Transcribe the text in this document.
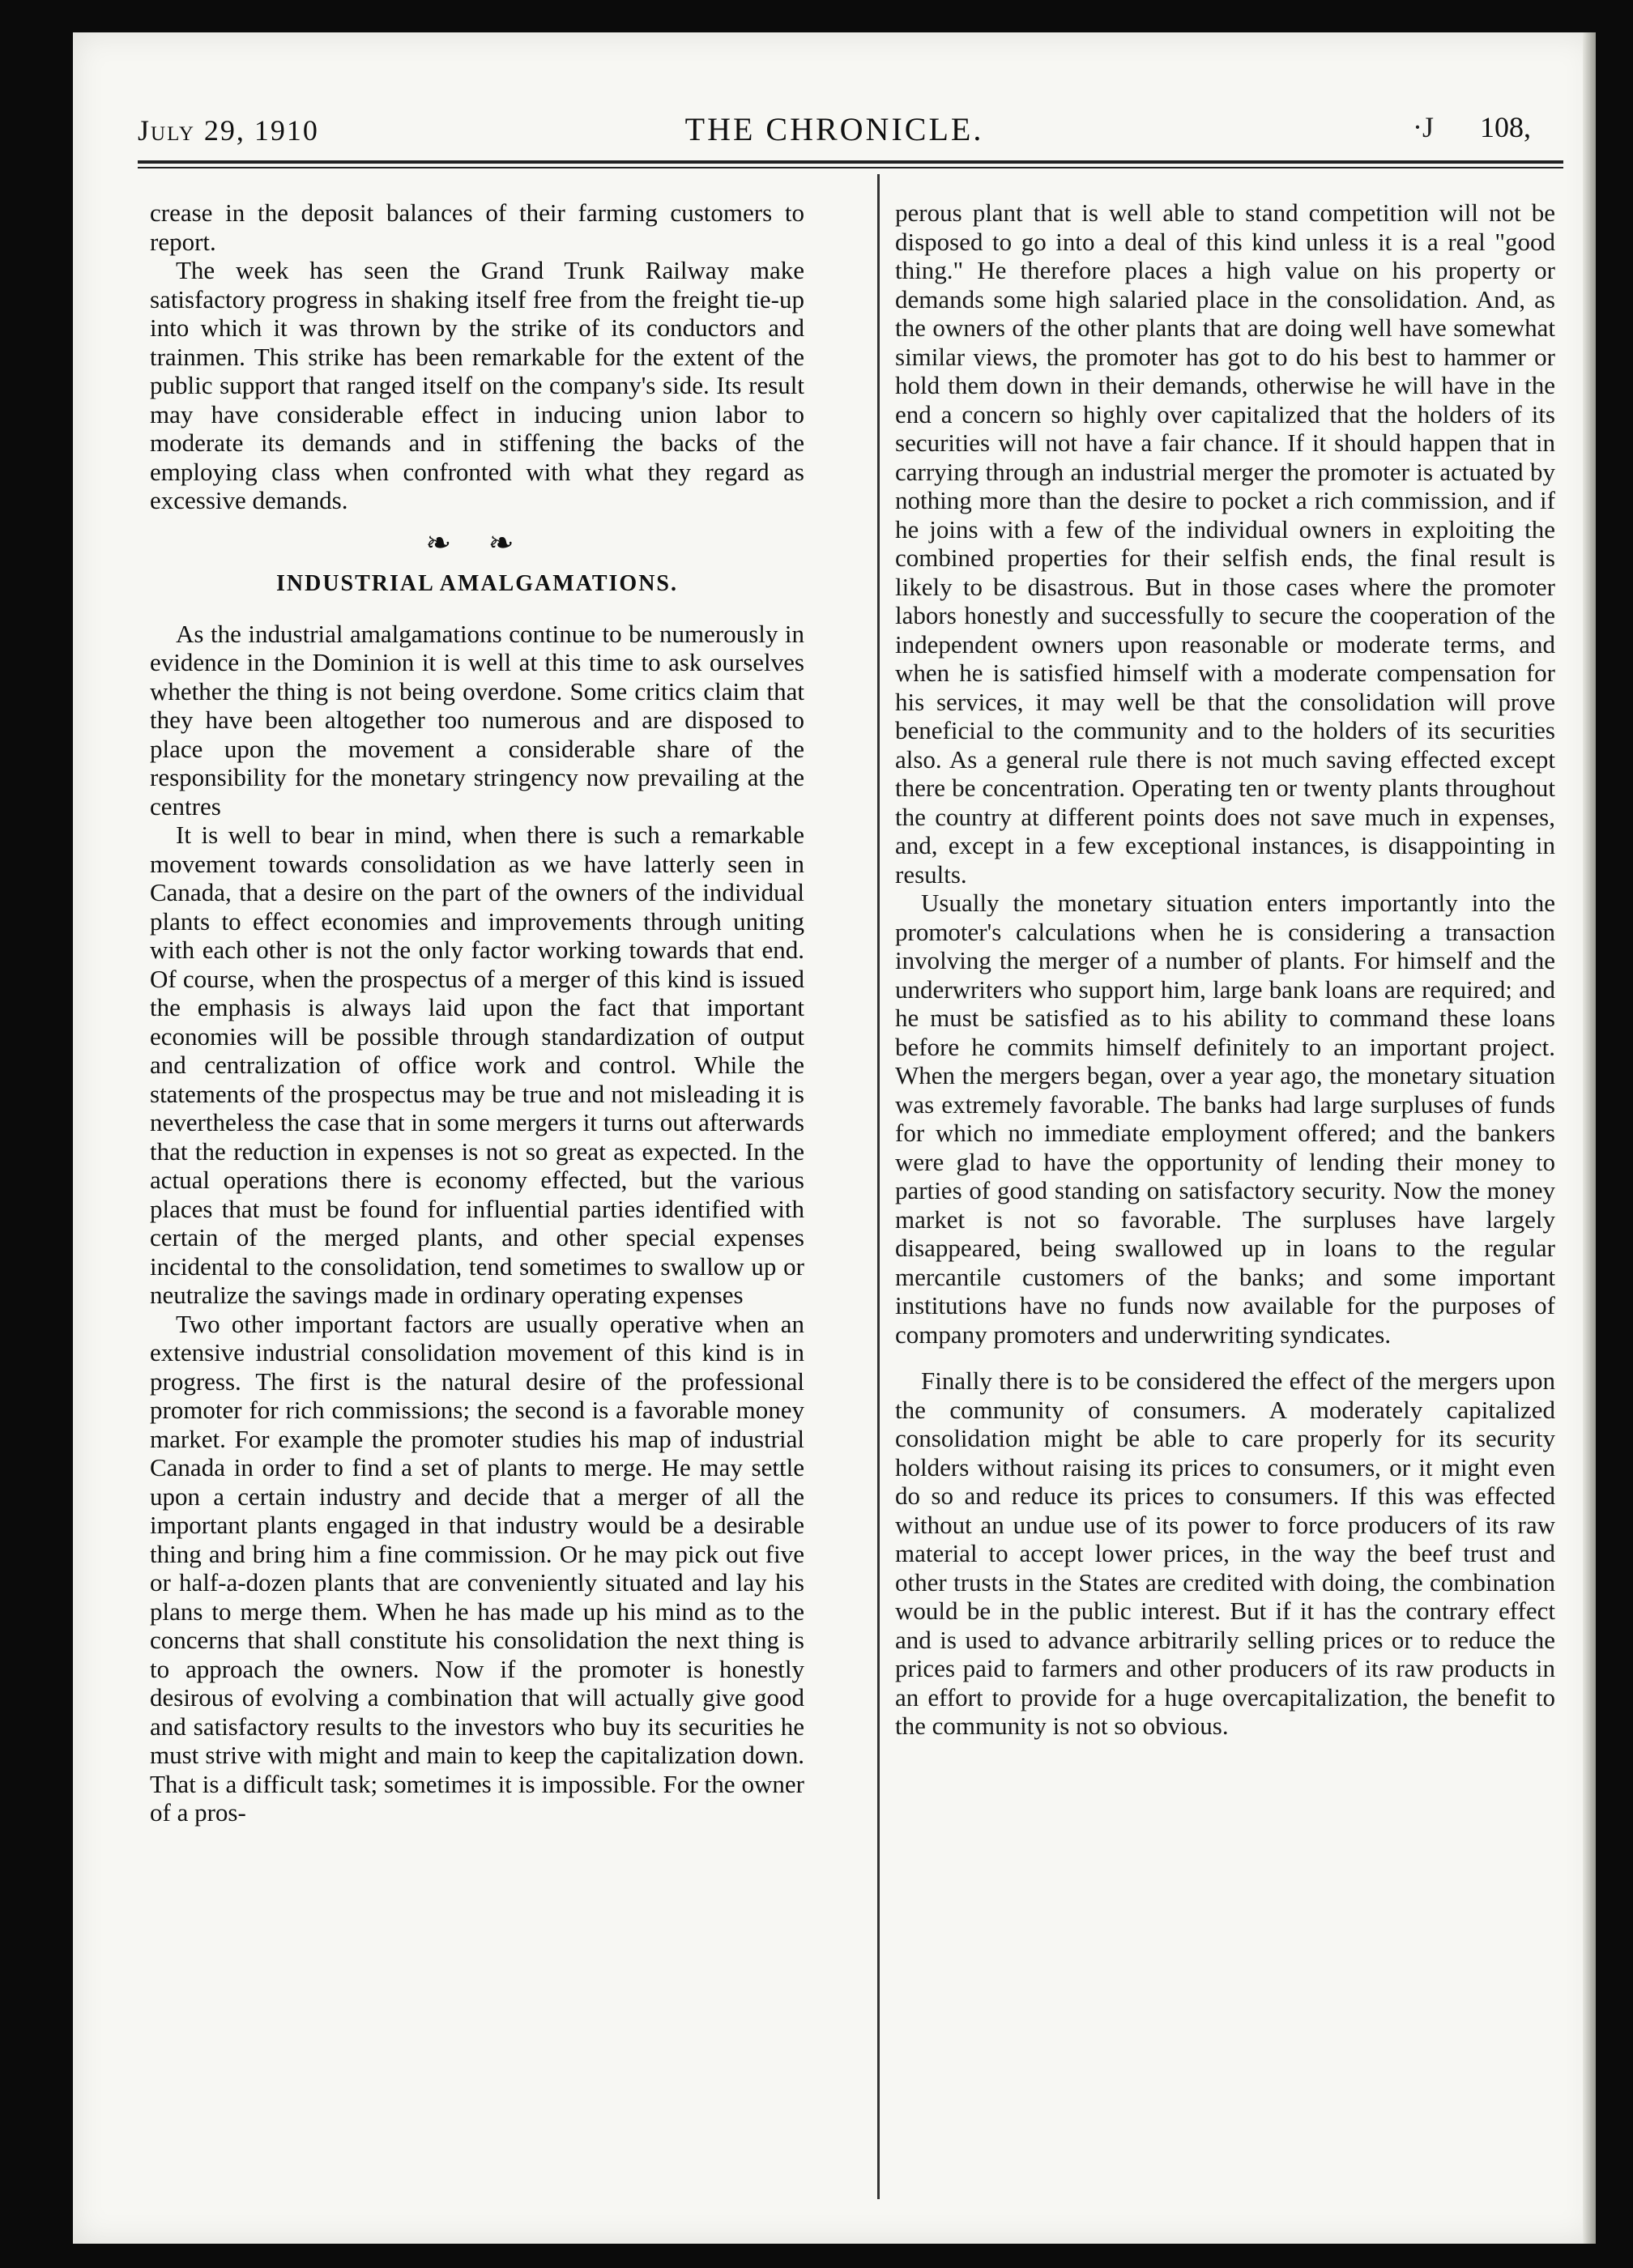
July 29, 1910	THE CHRONICLE.	·J 108,

crease in the deposit balances of their farming customers to report.

The week has seen the Grand Trunk Railway make satisfactory progress in shaking itself free from the freight tie-up into which it was thrown by the strike of its conductors and trainmen. This strike has been remarkable for the extent of the public support that ranged itself on the company's side. Its result may have considerable effect in inducing union labor to moderate its demands and in stiffening the backs of the employing class when confronted with what they regard as excessive demands.

❧ ❧
INDUSTRIAL AMALGAMATIONS.

As the industrial amalgamations continue to be numerously in evidence in the Dominion it is well at this time to ask ourselves whether the thing is not being overdone. Some critics claim that they have been altogether too numerous and are disposed to place upon the movement a considerable share of the responsibility for the monetary stringency now prevailing at the centres

It is well to bear in mind, when there is such a remarkable movement towards consolidation as we have latterly seen in Canada, that a desire on the part of the owners of the individual plants to effect economies and improvements through uniting with each other is not the only factor working towards that end. Of course, when the prospectus of a merger of this kind is issued the emphasis is always laid upon the fact that important economies will be possible through standardization of output and centralization of office work and control. While the statements of the prospectus may be true and not misleading it is nevertheless the case that in some mergers it turns out afterwards that the reduction in expenses is not so great as expected. In the actual operations there is economy effected, but the various places that must be found for influential parties identified with certain of the merged plants, and other special expenses incidental to the consolidation, tend sometimes to swallow up or neutralize the savings made in ordinary operating expenses

Two other important factors are usually operative when an extensive industrial consolidation movement of this kind is in progress. The first is the natural desire of the professional promoter for rich commissions; the second is a favorable money market. For example the promoter studies his map of industrial Canada in order to find a set of plants to merge. He may settle upon a certain industry and decide that a merger of all the important plants engaged in that industry would be a desirable thing and bring him a fine commission. Or he may pick out five or half-a-dozen plants that are conveniently situated and lay his plans to merge them. When he has made up his mind as to the concerns that shall constitute his consolidation the next thing is to approach the owners. Now if the promoter is honestly desirous of evolving a combination that will actually give good and satisfactory results to the investors who buy its securities he must strive with might and main to keep the capitalization down. That is a difficult task; sometimes it is impossible. For the owner of a pros-

perous plant that is well able to stand competition will not be disposed to go into a deal of this kind unless it is a real "good thing." He therefore places a high value on his property or demands some high salaried place in the consolidation. And, as the owners of the other plants that are doing well have somewhat similar views, the promoter has got to do his best to hammer or hold them down in their demands, otherwise he will have in the end a concern so highly over capitalized that the holders of its securities will not have a fair chance. If it should happen that in carrying through an industrial merger the promoter is actuated by nothing more than the desire to pocket a rich commission, and if he joins with a few of the individual owners in exploiting the combined properties for their selfish ends, the final result is likely to be disastrous. But in those cases where the promoter labors honestly and successfully to secure the cooperation of the independent owners upon reasonable or moderate terms, and when he is satisfied himself with a moderate compensation for his services, it may well be that the consolidation will prove beneficial to the community and to the holders of its securities also. As a general rule there is not much saving effected except there be concentration. Operating ten or twenty plants throughout the country at different points does not save much in expenses, and, except in a few exceptional instances, is disappointing in results.

Usually the monetary situation enters importantly into the promoter's calculations when he is considering a transaction involving the merger of a number of plants. For himself and the underwriters who support him, large bank loans are required; and he must be satisfied as to his ability to command these loans before he commits himself definitely to an important project. When the mergers began, over a year ago, the monetary situation was extremely favorable. The banks had large surpluses of funds for which no immediate employment offered; and the bankers were glad to have the opportunity of lending their money to parties of good standing on satisfactory security. Now the money market is not so favorable. The surpluses have largely disappeared, being swallowed up in loans to the regular mercantile customers of the banks; and some important institutions have no funds now available for the purposes of company promoters and underwriting syndicates.

Finally there is to be considered the effect of the mergers upon the community of consumers. A moderately capitalized consolidation might be able to care properly for its security holders without raising its prices to consumers, or it might even do so and reduce its prices to consumers. If this was effected without an undue use of its power to force producers of its raw material to accept lower prices, in the way the beef trust and other trusts in the States are credited with doing, the combination would be in the public interest. But if it has the contrary effect and is used to advance arbitrarily selling prices or to reduce the prices paid to farmers and other producers of its raw products in an effort to provide for a huge overcapitalization, the benefit to the community is not so obvious.
